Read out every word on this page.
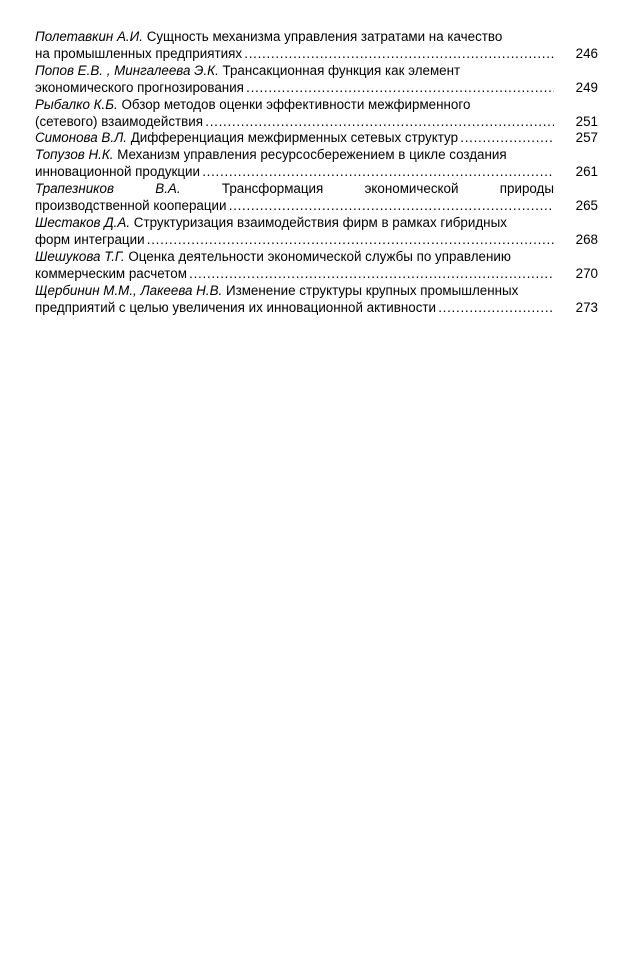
Полетавкин А.И. Сущность механизма управления затратами на качество
на промышленных предприятиях . . .	246
Попов Е.В. , Мингалеева Э.К. Трансакционная функция как элемент
экономического прогнозирования . . .	249
Рыбалко К.Б. Обзор методов оценки эффективности межфирменного
(сетевого) взаимодействия . . .	251
Симонова В.Л. Дифференциация межфирменных сетевых структур . . .	257
Топузов Н.К. Механизм управления ресурсосбережением в цикле создания
инновационной продукции . . .	261
Трапезников В.А. Трансформация экономической природы
производственной кооперации . . .	265
Шестаков Д.А. Структуризация взаимодействия фирм в рамках гибридных
форм интеграции . . .	268
Шешукова Т.Г. Оценка деятельности экономической службы по управлению
коммерческим расчетом . . .	270
Щербинин М.М., Лакеева Н.В. Изменение структуры крупных промышленных
предприятий с целью увеличения их инновационной активности . . .	273
